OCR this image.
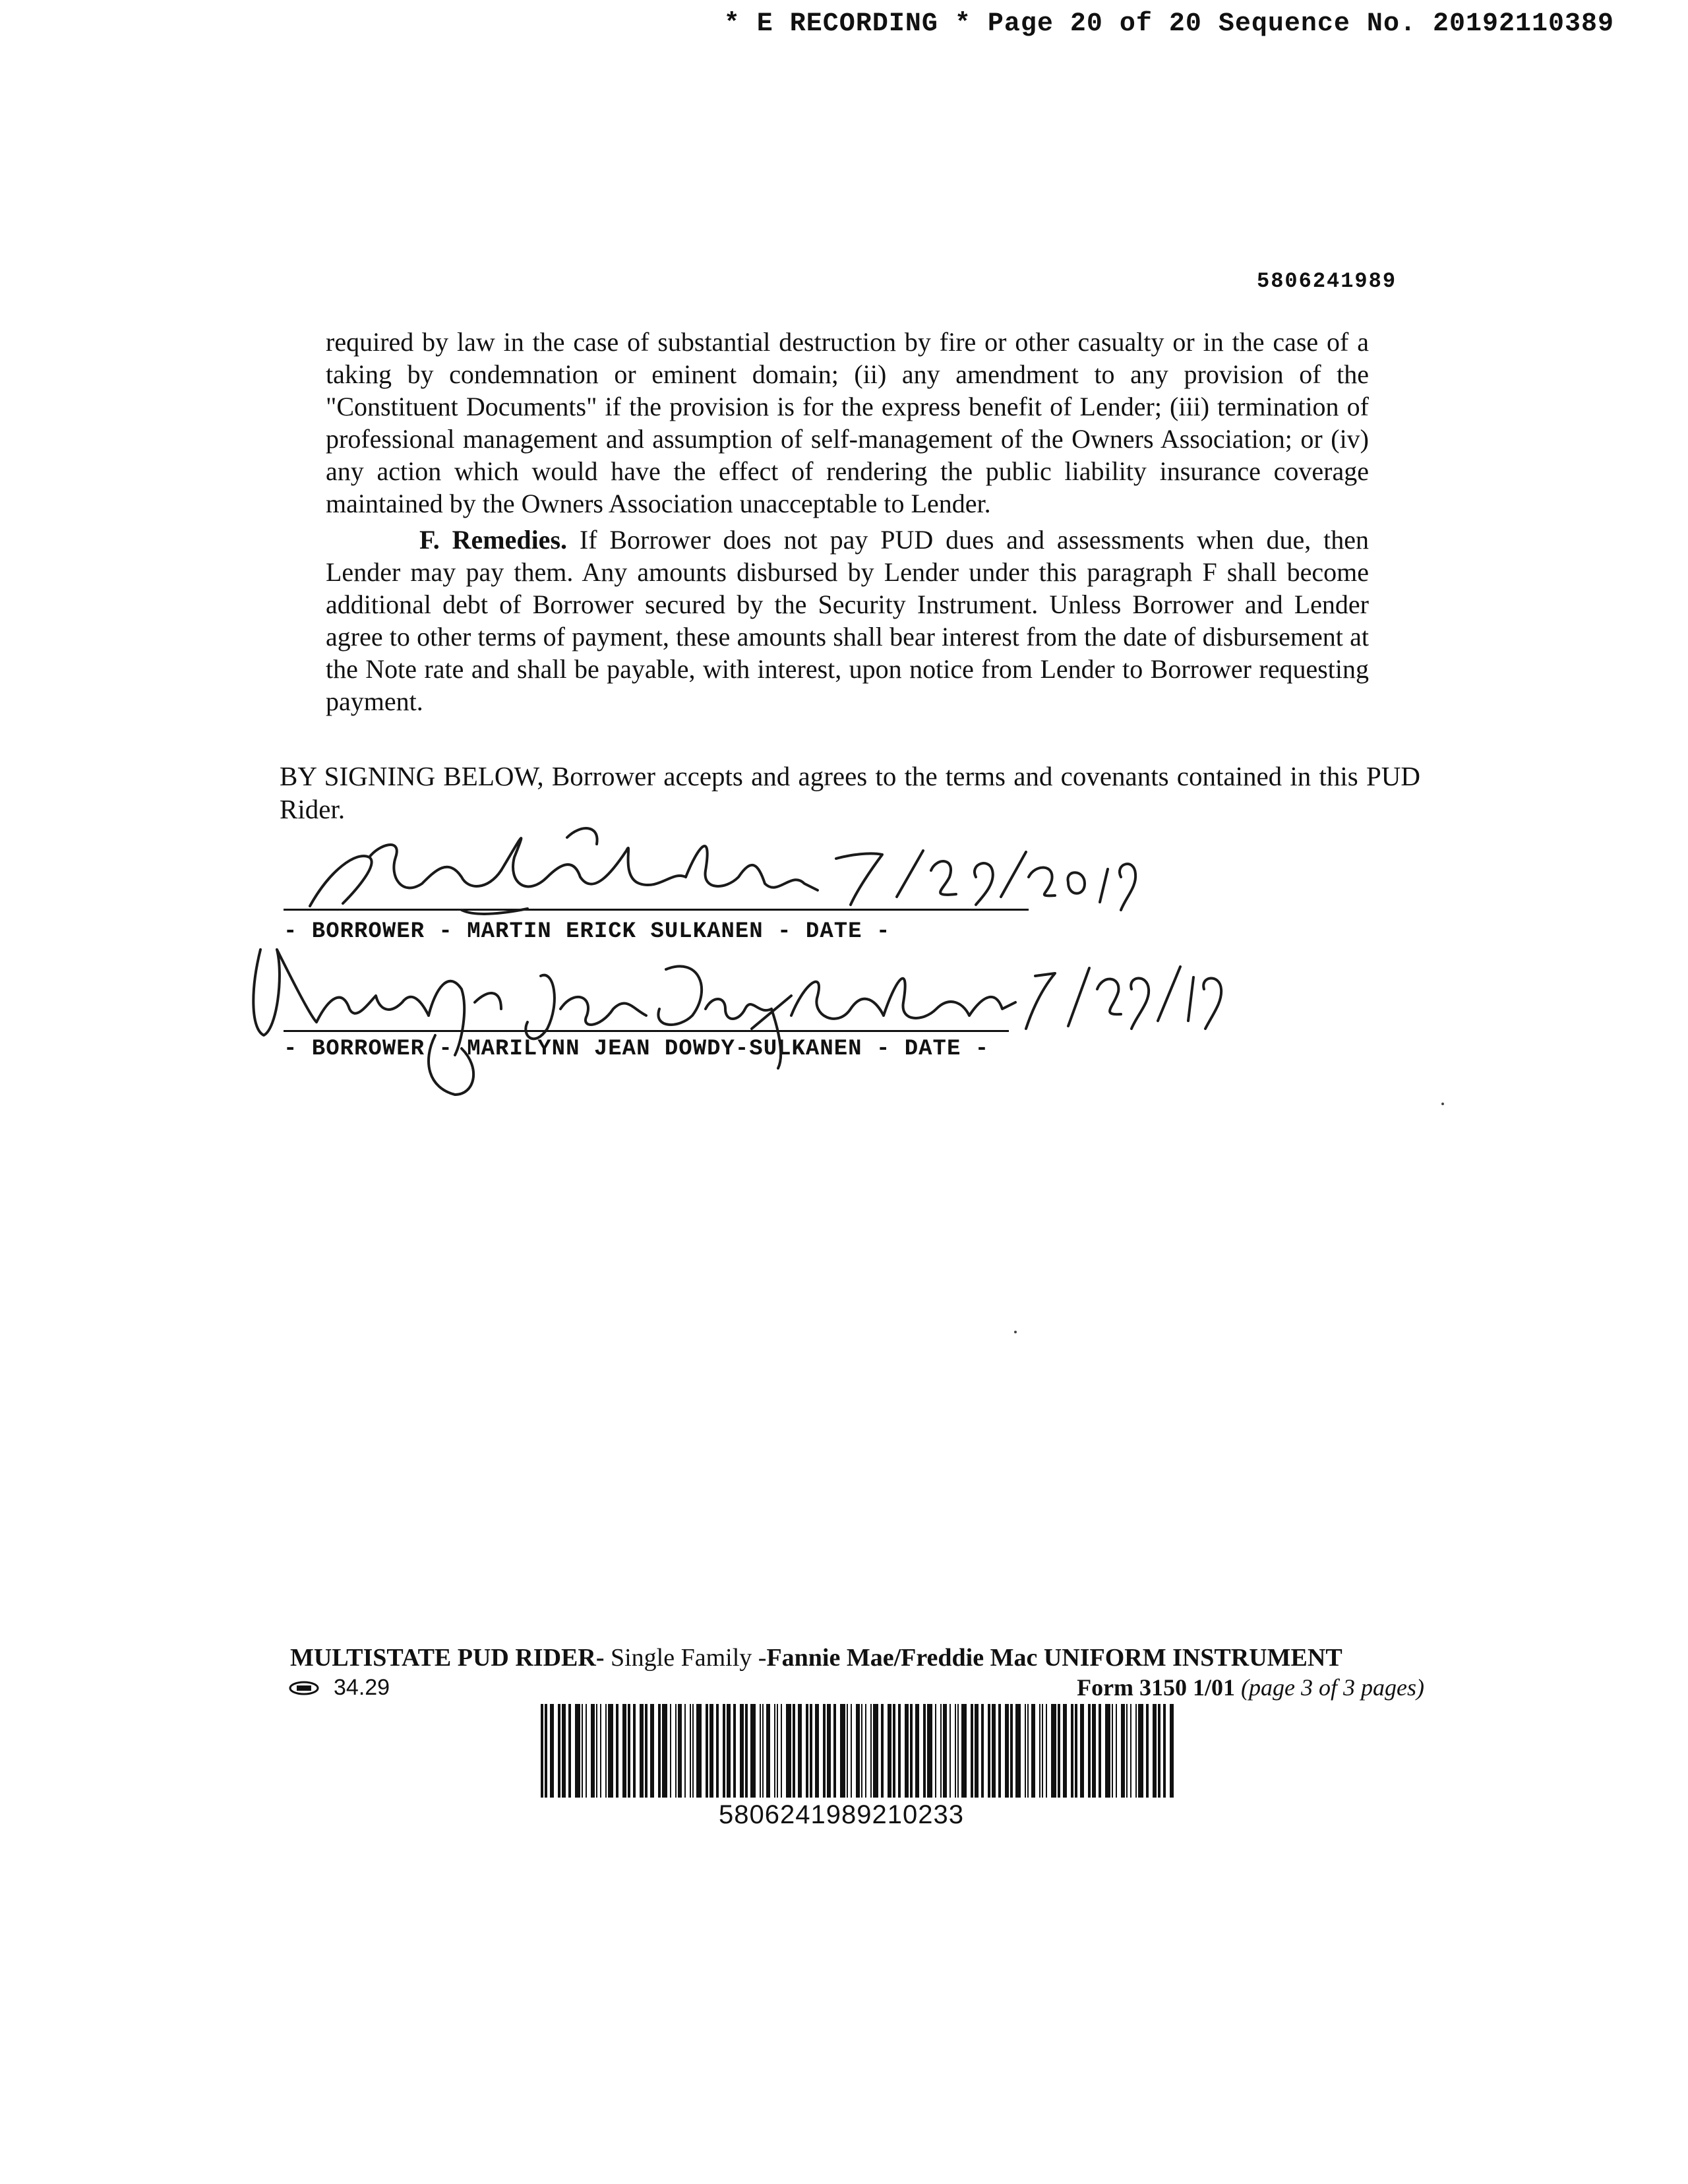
* E RECORDING * Page 20 of 20 Sequence No. 20192110389
5806241989

required by law in the case of substantial destruction by fire or other casualty or in the case of a taking by condemnation or eminent domain; (ii) any amendment to any provision of the "Constituent Documents" if the provision is for the express benefit of Lender; (iii) termination of professional management and assumption of self-management of the Owners Association; or (iv) any action which would have the effect of rendering the public liability insurance coverage maintained by the Owners Association unacceptable to Lender.

F. Remedies. If Borrower does not pay PUD dues and assessments when due, then Lender may pay them. Any amounts disbursed by Lender under this paragraph F shall become additional debt of Borrower secured by the Security Instrument. Unless Borrower and Lender agree to other terms of payment, these amounts shall bear interest from the date of disbursement at the Note rate and shall be payable, with interest, upon notice from Lender to Borrower requesting payment.

BY SIGNING BELOW, Borrower accepts and agrees to the terms and covenants contained in this PUD Rider.

- BORROWER - MARTIN ERICK SULKANEN - DATE -
- BORROWER - MARILYNN JEAN DOWDY-SULKANEN - DATE -
MULTISTATE PUD RIDER- Single Family -Fannie Mae/Freddie Mac UNIFORM INSTRUMENT
34.29	Form 3150 1/01 (page 3 of 3 pages)
5806241989210233
